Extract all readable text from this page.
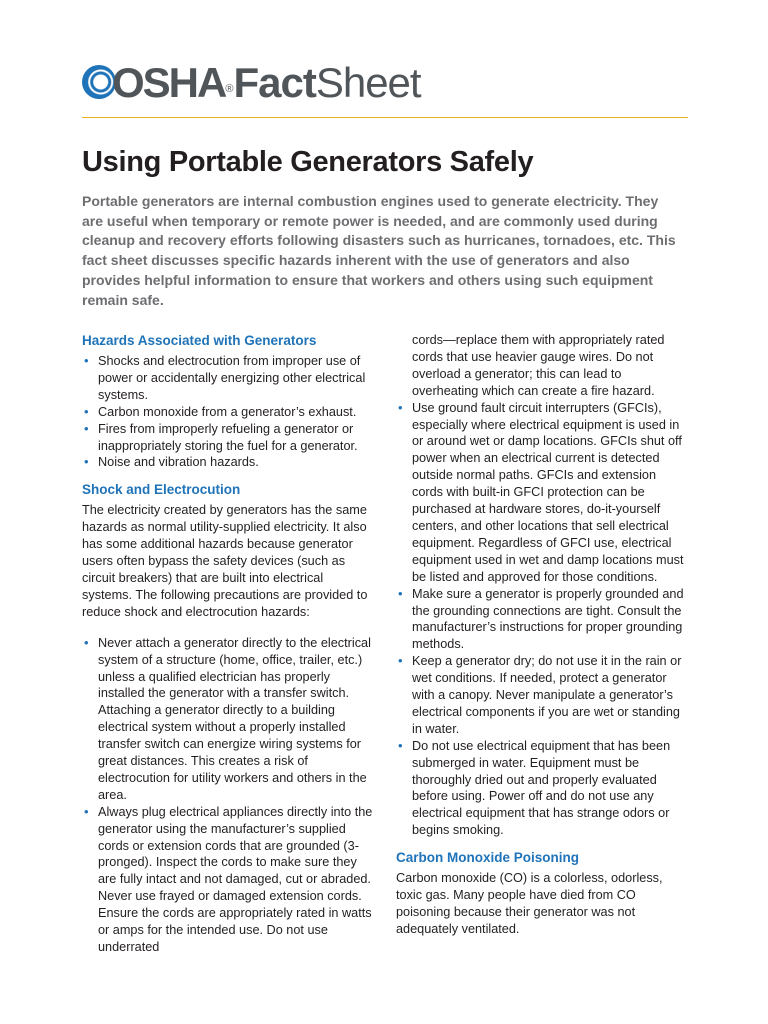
OSHA®FactSheet
Using Portable Generators Safely

Portable generators are internal combustion engines used to generate electricity. They are useful when temporary or remote power is needed, and are commonly used during cleanup and recovery efforts following disasters such as hurricanes, tornadoes, etc. This fact sheet discusses specific hazards inherent with the use of generators and also provides helpful information to ensure that workers and others using such equipment remain safe.

Hazards Associated with Generators
• Shocks and electrocution from improper use of power or accidentally energizing other electrical systems.
• Carbon monoxide from a generator’s exhaust.
• Fires from improperly refueling a generator or inappropriately storing the fuel for a generator.
• Noise and vibration hazards.
Shock and Electrocution

The electricity created by generators has the same hazards as normal utility-supplied electricity. It also has some additional hazards because generator users often bypass the safety devices (such as circuit breakers) that are built into electrical systems. The following precautions are provided to reduce shock and electrocution hazards:

• Never attach a generator directly to the electrical system of a structure (home, office, trailer, etc.) unless a qualified electrician has properly installed the generator with a transfer switch. Attaching a generator directly to a building electrical system without a properly installed transfer switch can energize wiring systems for great distances. This creates a risk of electrocution for utility workers and others in the area.
• Always plug electrical appliances directly into the generator using the manufacturer’s supplied cords or extension cords that are grounded (3-pronged). Inspect the cords to make sure they are fully intact and not damaged, cut or abraded. Never use frayed or damaged extension cords. Ensure the cords are appropriately rated in watts or amps for the intended use. Do not use underrated

cords—replace them with appropriately rated cords that use heavier gauge wires. Do not overload a generator; this can lead to overheating which can create a fire hazard.

• Use ground fault circuit interrupters (GFCIs), especially where electrical equipment is used in or around wet or damp locations. GFCIs shut off power when an electrical current is detected outside normal paths. GFCIs and extension cords with built-in GFCI protection can be purchased at hardware stores, do-it-yourself centers, and other locations that sell electrical equipment. Regardless of GFCI use, electrical equipment used in wet and damp locations must be listed and approved for those conditions.
• Make sure a generator is properly grounded and the grounding connections are tight. Consult the manufacturer’s instructions for proper grounding methods.
• Keep a generator dry; do not use it in the rain or wet conditions. If needed, protect a generator with a canopy. Never manipulate a generator’s electrical components if you are wet or standing in water.
• Do not use electrical equipment that has been submerged in water. Equipment must be thoroughly dried out and properly evaluated before using. Power off and do not use any electrical equipment that has strange odors or begins smoking.
Carbon Monoxide Poisoning

Carbon monoxide (CO) is a colorless, odorless, toxic gas. Many people have died from CO poisoning because their generator was not adequately ventilated.
